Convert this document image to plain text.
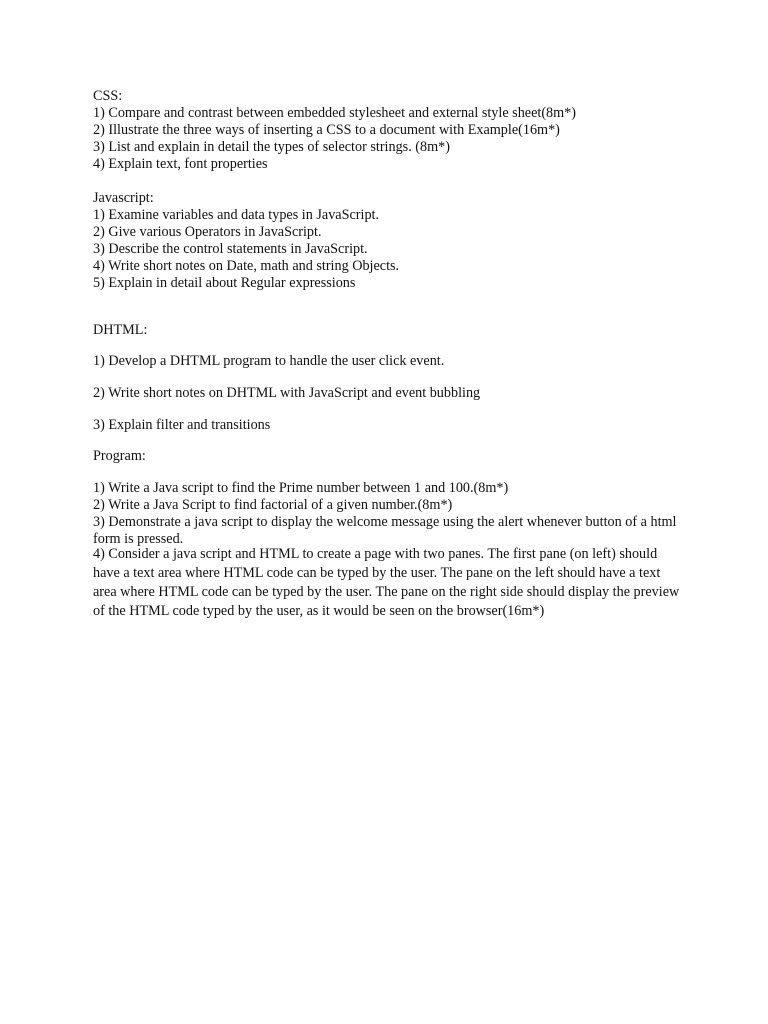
CSS:
1) Compare and contrast between embedded stylesheet and external style sheet(8m*)
2) Illustrate the three ways of inserting a CSS to a document with Example(16m*)
3) List and explain in detail the types of selector strings. (8m*)
4) Explain text, font properties
Javascript:
1) Examine variables and data types in JavaScript.
2) Give various Operators in JavaScript.
3) Describe the control statements in JavaScript.
4) Write short notes on Date, math and string Objects.
5) Explain in detail about Regular expressions
DHTML:
1) Develop a DHTML program to handle the user click event.
2) Write short notes on DHTML with JavaScript and event bubbling
3) Explain filter and transitions
Program:
1) Write a Java script to find the Prime number between 1 and 100.(8m*)
2) Write a Java Script to find factorial of a given number.(8m*)
3) Demonstrate a java script to display the welcome message using the alert whenever button of a html form is pressed.
4) Consider a java script and HTML to create a page with two panes. The first pane (on left) should have a text area where HTML code can be typed by the user. The pane on the left should have a text area where HTML code can be typed by the user. The pane on the right side should display the preview of the HTML code typed by the user, as it would be seen on the browser(16m*)
